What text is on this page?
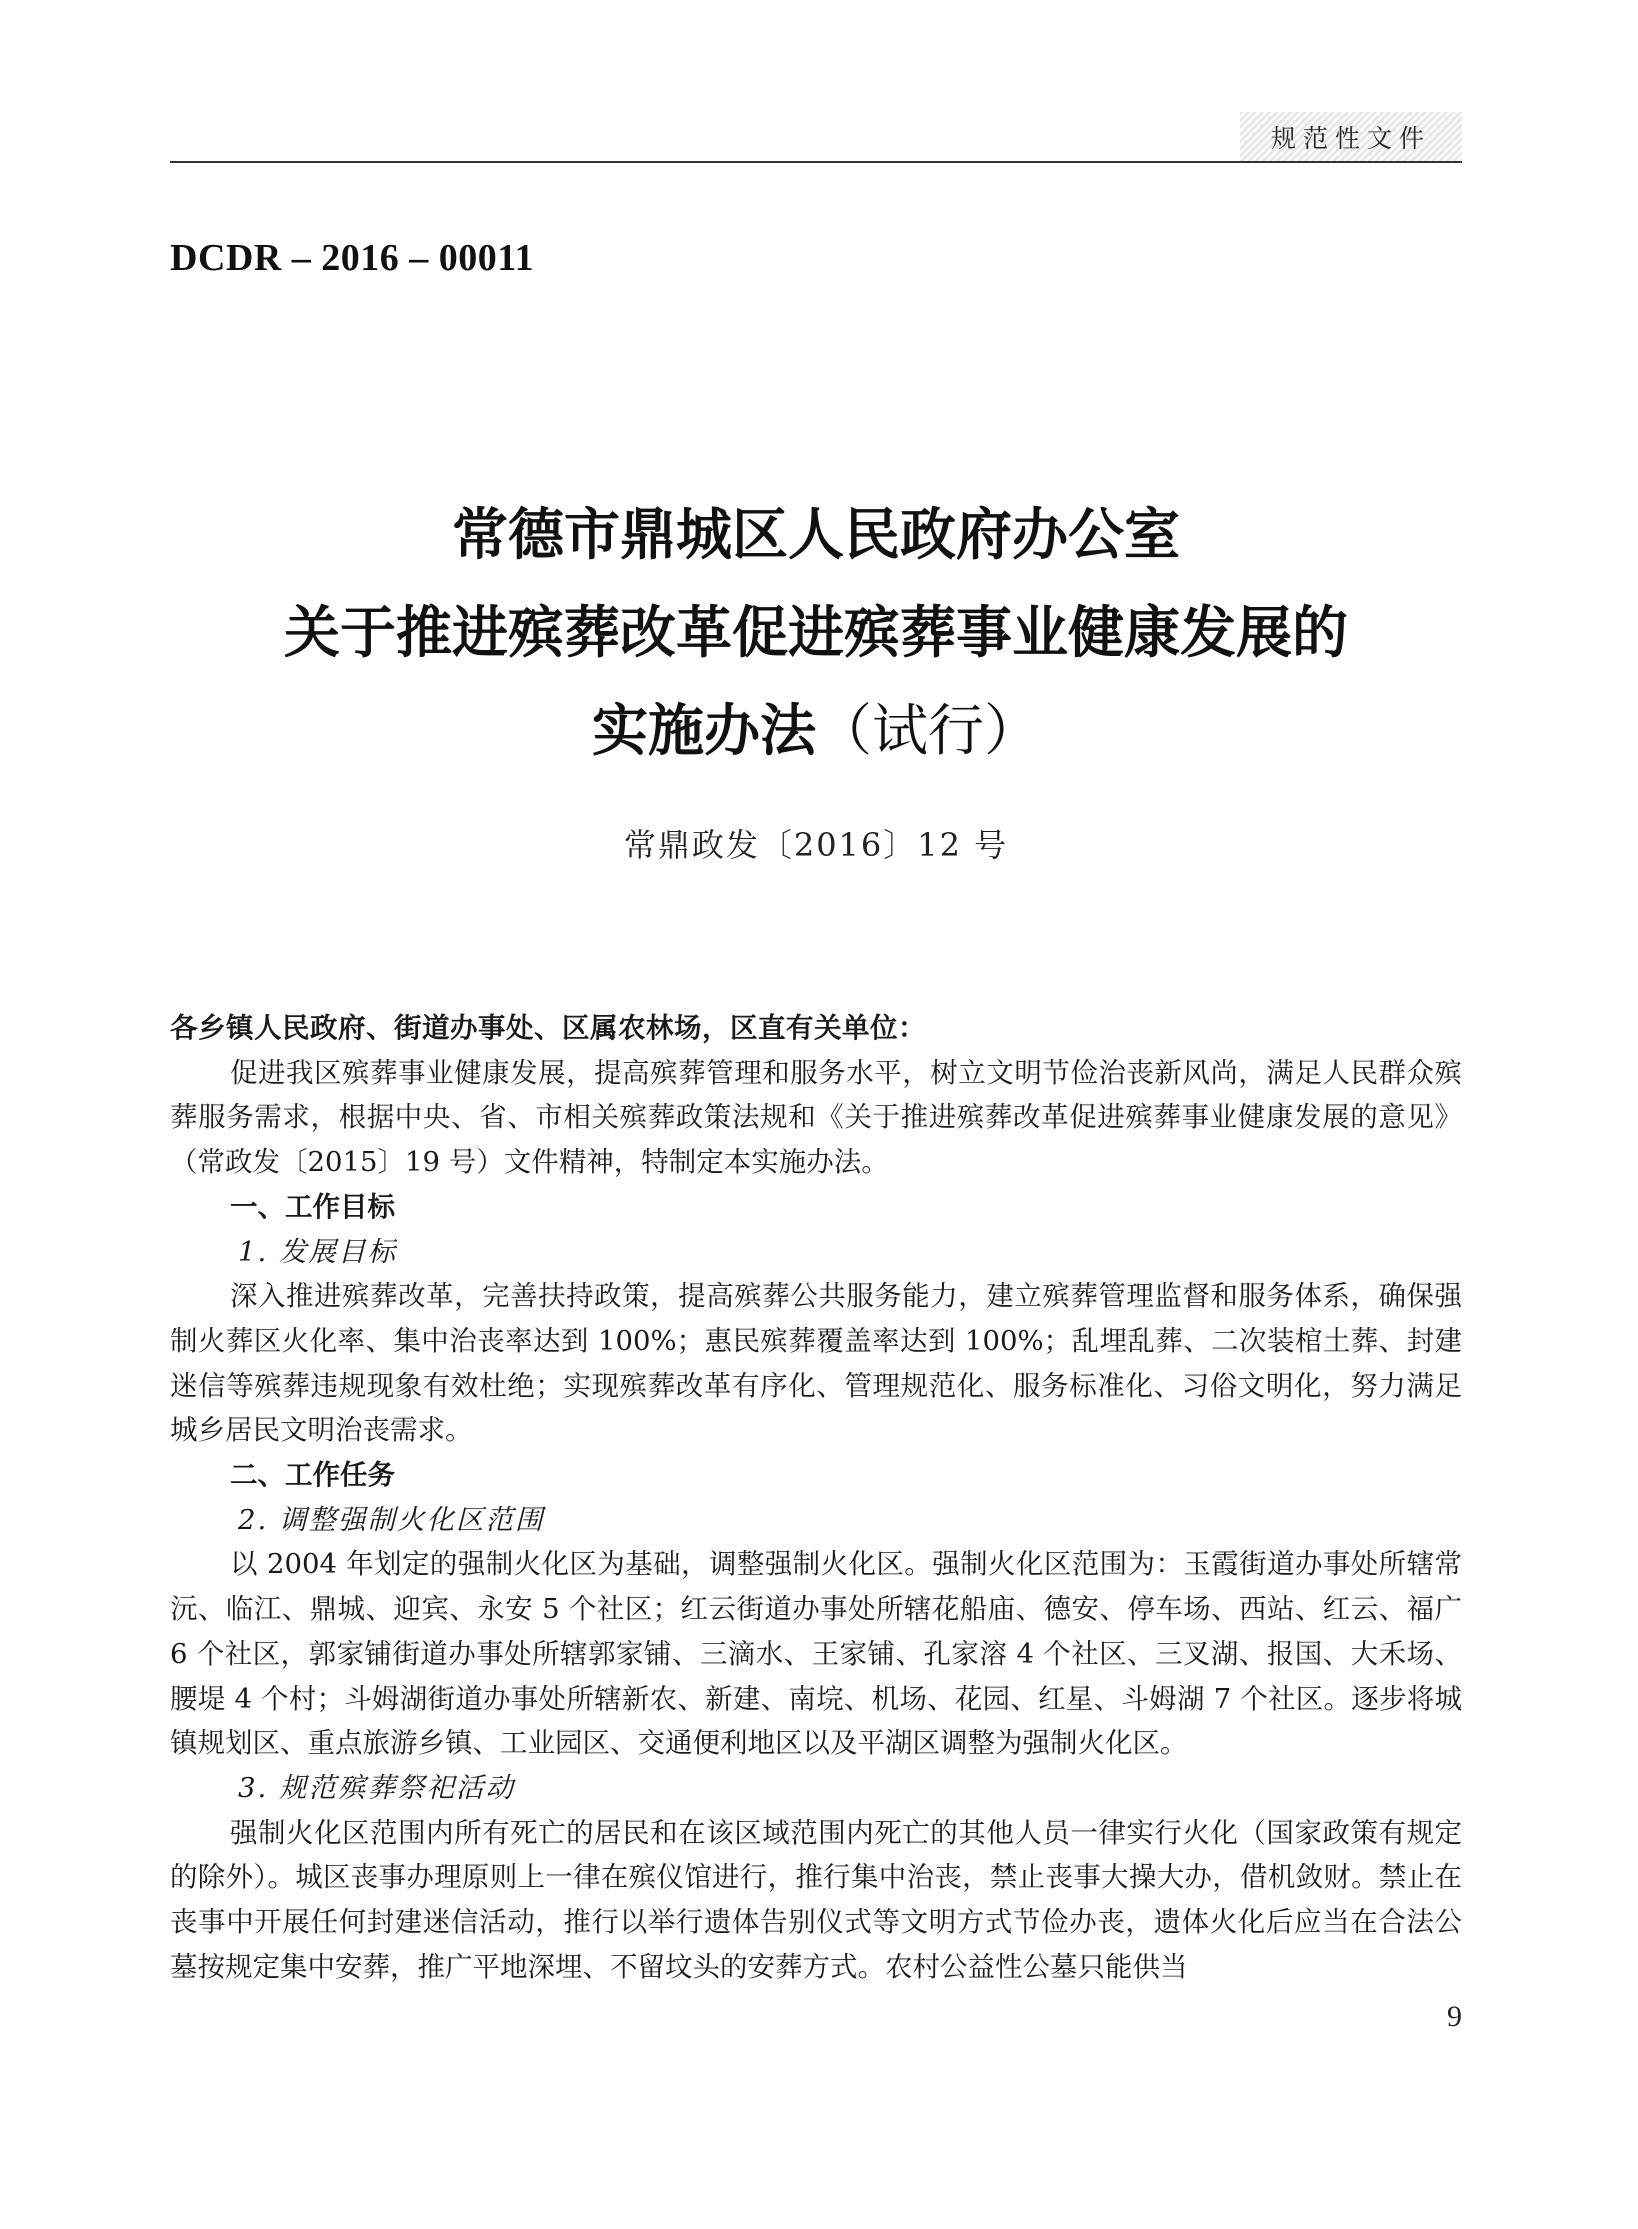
规范性文件
DCDR – 2016 – 00011
常德市鼎城区人民政府办公室
关于推进殡葬改革促进殡葬事业健康发展的
实施办法（试行）
常鼎政发〔2016〕12 号

各乡镇人民政府、街道办事处、区属农林场，区直有关单位：

促进我区殡葬事业健康发展，提高殡葬管理和服务水平，树立文明节俭治丧新风尚，满足人民群众殡葬服务需求，根据中央、省、市相关殡葬政策法规和《关于推进殡葬改革促进殡葬事业健康发展的意见》（常政发〔2015〕19 号）文件精神，特制定本实施办法。

一、工作目标

1. 发展目标

深入推进殡葬改革，完善扶持政策，提高殡葬公共服务能力，建立殡葬管理监督和服务体系，确保强制火葬区火化率、集中治丧率达到 100%；惠民殡葬覆盖率达到 100%；乱埋乱葬、二次装棺土葬、封建迷信等殡葬违规现象有效杜绝；实现殡葬改革有序化、管理规范化、服务标准化、习俗文明化，努力满足城乡居民文明治丧需求。

二、工作任务

2. 调整强制火化区范围

以 2004 年划定的强制火化区为基础，调整强制火化区。强制火化区范围为：玉霞街道办事处所辖常沅、临江、鼎城、迎宾、永安 5 个社区；红云街道办事处所辖花船庙、德安、停车场、西站、红云、福广 6 个社区，郭家铺街道办事处所辖郭家铺、三滴水、王家铺、孔家溶 4 个社区、三叉湖、报国、大禾场、腰堤 4 个村；斗姆湖街道办事处所辖新农、新建、南垸、机场、花园、红星、斗姆湖 7 个社区。逐步将城镇规划区、重点旅游乡镇、工业园区、交通便利地区以及平湖区调整为强制火化区。

3. 规范殡葬祭祀活动

强制火化区范围内所有死亡的居民和在该区域范围内死亡的其他人员一律实行火化（国家政策有规定的除外）。城区丧事办理原则上一律在殡仪馆进行，推行集中治丧，禁止丧事大操大办，借机敛财。禁止在丧事中开展任何封建迷信活动，推行以举行遗体告别仪式等文明方式节俭办丧，遗体火化后应当在合法公墓按规定集中安葬，推广平地深埋、不留坟头的安葬方式。农村公益性公墓只能供当

9
